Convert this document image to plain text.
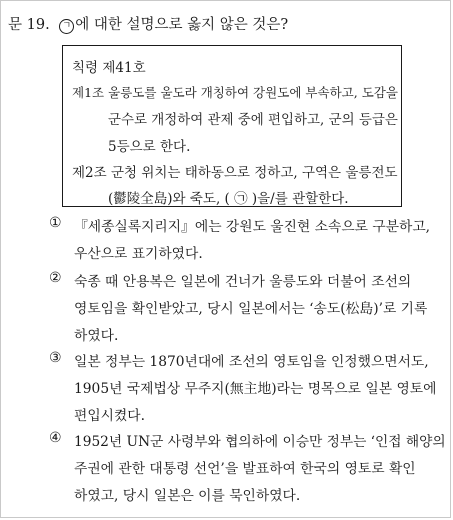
문 19. ㄱ 에 대한 설명으로 옳지 않은 것은?
칙령 제41호
제1조 울릉도를 울도라 개칭하여 강원도에 부속하고, 도감을
군수로 개정하여 관제 중에 편입하고, 군의 등급은
5등으로 한다.
제2조 군청 위치는 태하동으로 정하고, 구역은 울릉전도
(鬱陵全島)와 죽도, ( ㉠ )을/를 관할한다.
① 『세종실록지리지』에는 강원도 울진현 소속으로 구분하고,
우산으로 표기하였다.
② 숙종 때 안용복은 일본에 건너가 울릉도와 더불어 조선의
영토임을 확인받았고, 당시 일본에서는 ‘송도(松島)’로 기록
하였다.
③ 일본 정부는 1870년대에 조선의 영토임을 인정했으면서도,
1905년 국제법상 무주지(無主地)라는 명목으로 일본 영토에
편입시켰다.
④ 1952년 UN군 사령부와 협의하에 이승만 정부는 ‘인접 해양의
주권에 관한 대통령 선언’을 발표하여 한국의 영토로 확인
하였고, 당시 일본은 이를 묵인하였다.
